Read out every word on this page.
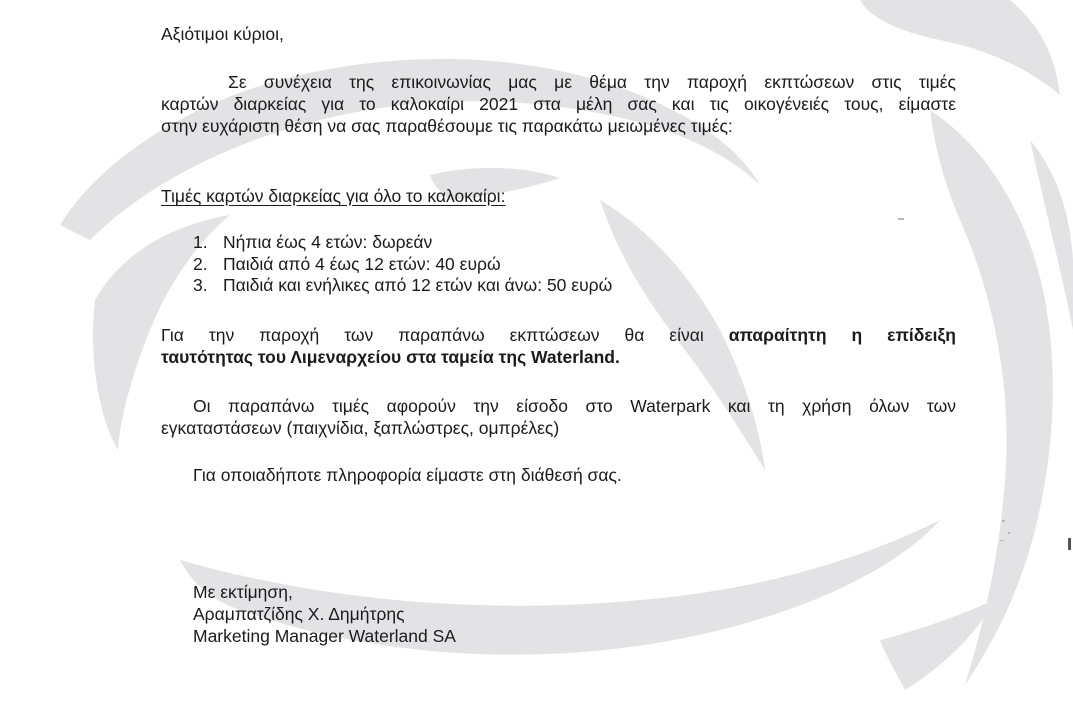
Αξιότιμοι κύριοι,

Σε συνέχεια της επικοινωνίας μας με θέμα την παροχή εκπτώσεων στις τιμές

καρτών διαρκείας για το καλοκαίρι 2021 στα μέλη σας και τις οικογένειές τους, είμαστε

στην ευχάριστη θέση να σας παραθέσουμε τις παρακάτω μειωμένες τιμές:

Τιμές καρτών διαρκείας για όλο το καλοκαίρι:

1. Νήπια έως 4 ετών: δωρεάν
2. Παιδιά από 4 έως 12 ετών: 40 ευρώ
3. Παιδιά και ενήλικες από 12 ετών και άνω: 50 ευρώ

Για την παροχή των παραπάνω εκπτώσεων θα είναι απαραίτητη η επίδειξη

ταυτότητας του Λιμεναρχείου στα ταμεία της Waterland.

Οι παραπάνω τιμές αφορούν την είσοδο στο Waterpark και τη χρήση όλων των

εγκαταστάσεων (παιχνίδια, ξαπλώστρες, ομπρέλες)

Για οποιαδήποτε πληροφορία είμαστε στη διάθεσή σας.

Με εκτίμηση,

Αραμπατζίδης Χ. Δημήτρης

Marketing Manager Waterland SA
